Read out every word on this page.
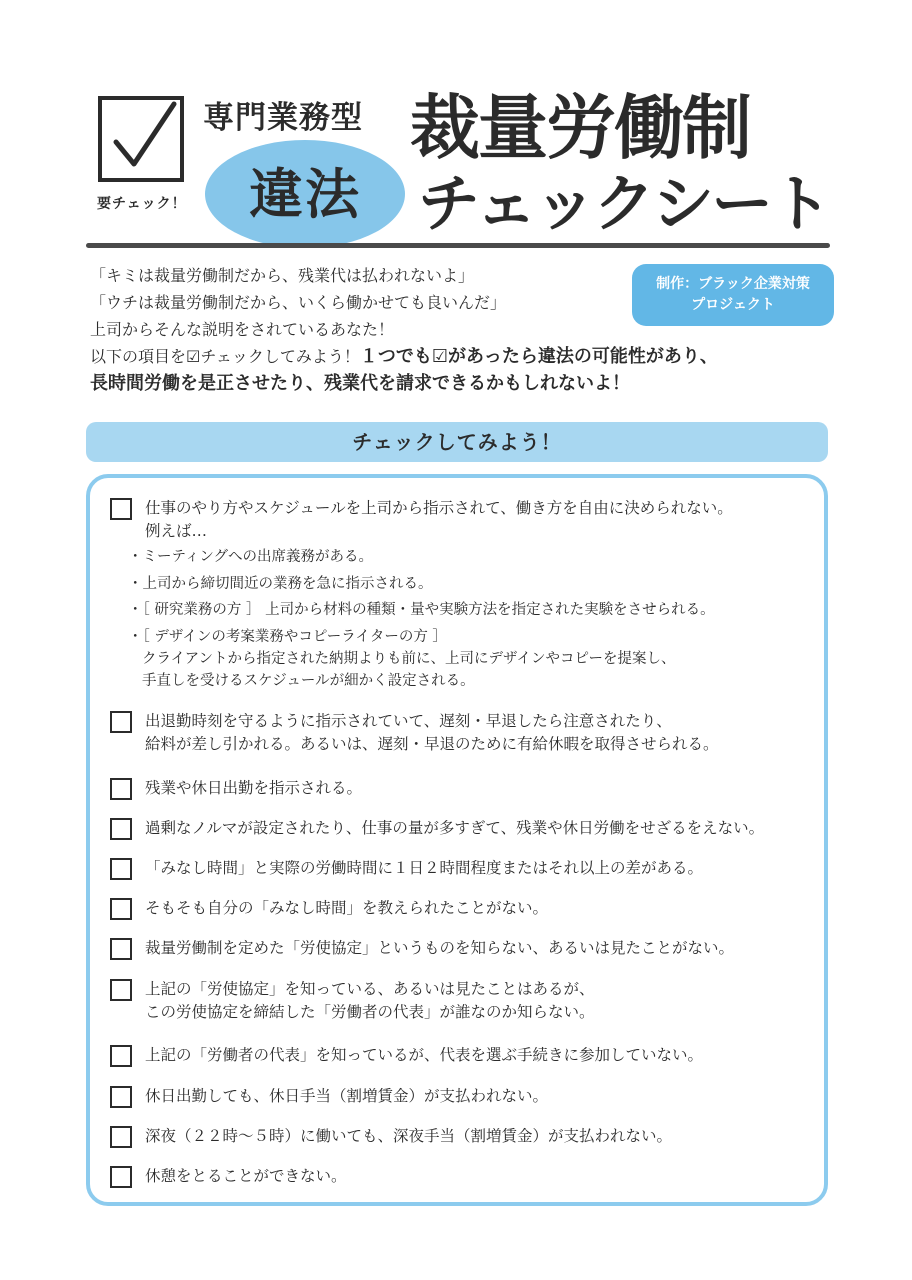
要チェック！
専門業務型
違法
裁量労働制
チェックシート
「キミは裁量労働制だから、残業代は払われないよ」
「ウチは裁量労働制だから、いくら働かせても良いんだ」
上司からそんな説明をされているあなた！
以下の項目を☑チェックしてみよう！１つでも☑があったら違法の可能性があり、
長時間労働を是正させたり、残業代を請求できるかもしれないよ！
制作：ブラック企業対策
プロジェクト
チェックしてみよう！
仕事のやり方やスケジュールを上司から指示されて、働き方を自由に決められない。
例えば…
・ミーティングへの出席義務がある。
・上司から締切間近の業務を急に指示される。
・［ 研究業務の方 ］ 上司から材料の種類・量や実験方法を指定された実験をさせられる。
・［ デザインの考案業務やコピーライターの方 ］
クライアントから指定された納期よりも前に、上司にデザインやコピーを提案し、
手直しを受けるスケジュールが細かく設定される。
出退勤時刻を守るように指示されていて、遅刻・早退したら注意されたり、
給料が差し引かれる。あるいは、遅刻・早退のために有給休暇を取得させられる。
残業や休日出勤を指示される。
過剰なノルマが設定されたり、仕事の量が多すぎて、残業や休日労働をせざるをえない。
「みなし時間」と実際の労働時間に１日２時間程度またはそれ以上の差がある。
そもそも自分の「みなし時間」を教えられたことがない。
裁量労働制を定めた「労使協定」というものを知らない、あるいは見たことがない。
上記の「労使協定」を知っている、あるいは見たことはあるが、
この労使協定を締結した「労働者の代表」が誰なのか知らない。
上記の「労働者の代表」を知っているが、代表を選ぶ手続きに参加していない。
休日出勤しても、休日手当（割増賃金）が支払われない。
深夜（２２時〜５時）に働いても、深夜手当（割増賃金）が支払われない。
休憩をとることができない。
